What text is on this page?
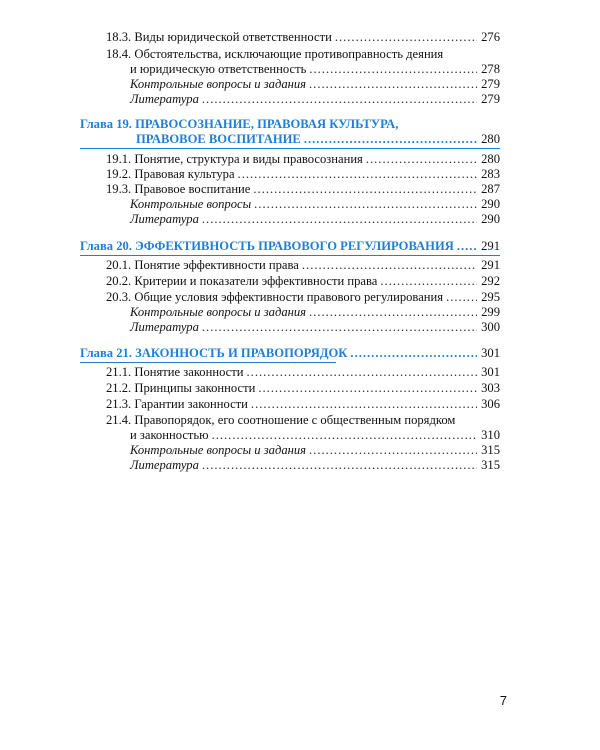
18.3. Виды юридической ответственности .....	276
18.4. Обстоятельства, исключающие противоправность деяния
и юридическую ответственность .....	278
Контрольные вопросы и задания .....	279
Литература .....	279
Глава 19. ПРАВОСОЗНАНИЕ, ПРАВОВАЯ КУЛЬТУРА,
ПРАВОВОЕ ВОСПИТАНИЕ .....	280
19.1. Понятие, структура и виды правосознания .....	280
19.2. Правовая культура .....	283
19.3. Правовое воспитание .....	287
Контрольные вопросы .....	290
Литература .....	290
Глава 20. ЭФФЕКТИВНОСТЬ ПРАВОВОГО РЕГУЛИРОВАНИЯ ..... 291
20.1. Понятие эффективности права .....	291
20.2. Критерии и показатели эффективности права .....	292
20.3. Общие условия эффективности правового регулирования .....	295
Контрольные вопросы и задания .....	299
Литература .....	300
Глава 21. ЗАКОННОСТЬ И ПРАВОПОРЯДОК .....	301
21.1. Понятие законности .....	301
21.2. Принципы законности .....	303
21.3. Гарантии законности .....	306
21.4. Правопорядок, его соотношение с общественным порядком
и законностью .....	310
Контрольные вопросы и задания .....	315
Литература .....	315
7
